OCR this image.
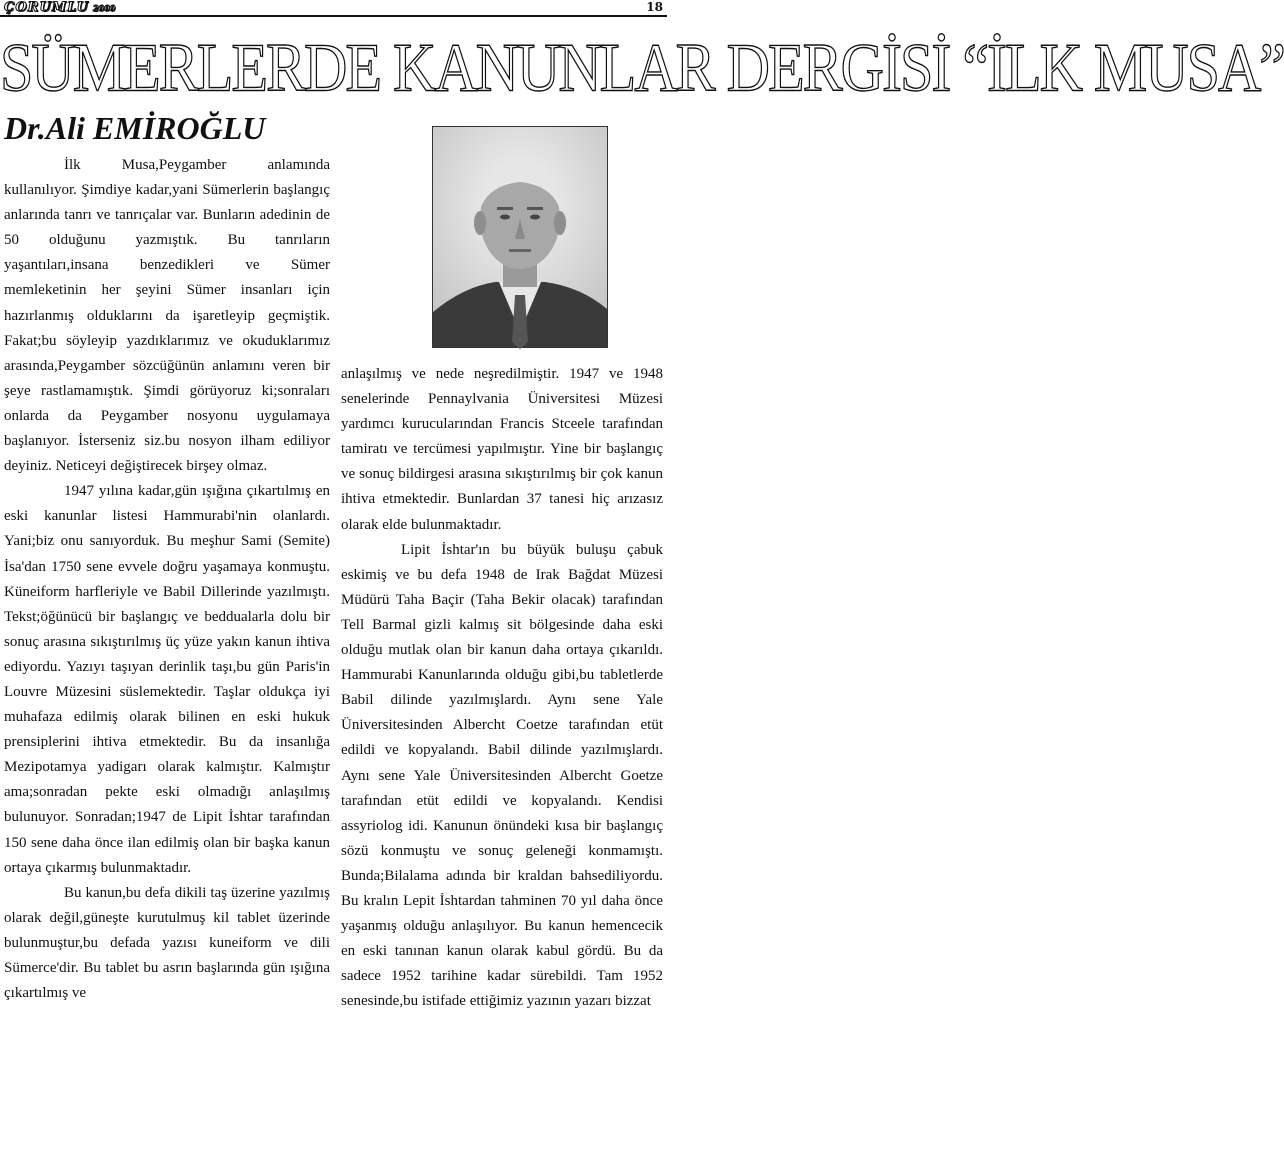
ÇORUMLU 2000	18
SÜMERLERDE KANUNLAR DERGİSİ “İLK MUSA”
Dr.Ali EMİROĞLU

İlk Musa,Peygamber anlamında kullanılıyor. Şimdiye kadar,yani Sümerlerin başlangıç anlarında tanrı ve tanrıçalar var. Bunların adedinin de 50 olduğunu yazmıştık. Bu tanrıların yaşantıları,insana benzedikleri ve Sümer memleketinin her şeyini Sümer insanları için hazırlanmış olduklarını da işaretleyip geçmiştik. Fakat;bu söyleyip yazdıklarımız ve okuduklarımız arasında,Peygamber sözcüğünün anlamını veren bir şeye rastlamamıştık. Şimdi görüyoruz ki;sonraları onlarda da Peygamber nosyonu uygulamaya başlanıyor. İsterseniz siz.bu nosyon ilham ediliyor deyiniz. Neticeyi değiştirecek birşey olmaz.

1947 yılına kadar,gün ışığına çıkartılmış en eski kanunlar listesi Hammurabi'nin olanlardı. Yani;biz onu sanıyorduk. Bu meşhur Sami (Semite) İsa'dan 1750 sene evvele doğru yaşamaya konmuştu. Küneiform harfleriyle ve Babil Dillerinde yazılmıştı. Tekst;öğünücü bir başlangıç ve beddualarla dolu bir sonuç arasına sıkıştırılmış üç yüze yakın kanun ihtiva ediyordu. Yazıyı taşıyan derinlik taşı,bu gün Paris'in Louvre Müzesini süslemektedir. Taşlar oldukça iyi muhafaza edilmiş olarak bilinen en eski hukuk prensiplerini ihtiva etmektedir. Bu da insanlığa Mezipotamya yadigarı olarak kalmıştır. Kalmıştır ama;sonradan pekte eski olmadığı anlaşılmış bulunuyor. Sonradan;1947 de Lipit İshtar tarafından 150 sene daha önce ilan edilmiş olan bir başka kanun ortaya çıkarmış bulunmaktadır.

Bu kanun,bu defa dikili taş üzerine yazılmış olarak değil,güneşte kurutulmuş kil tablet üzerinde bulunmuştur,bu defada yazısı kuneiform ve dili Sümerce'dir. Bu tablet bu asrın başlarında gün ışığına çıkartılmış ve

anlaşılmış ve nede neşredilmiştir. 1947 ve 1948 senelerinde Pennaylvania Üniversitesi Müzesi yardımcı kurucularından Francis Stceele tarafından tamiratı ve tercümesi yapılmıştır. Yine bir başlangıç ve sonuç bildirgesi arasına sıkıştırılmış bir çok kanun ihtiva etmektedir. Bunlardan 37 tanesi hiç arızasız olarak elde bulunmaktadır.

Lipit İshtar'ın bu büyük buluşu çabuk eskimiş ve bu defa 1948 de Irak Bağdat Müzesi Müdürü Taha Baçir (Taha Bekir olacak) tarafından Tell Barmal gizli kalmış sit bölgesinde daha eski olduğu mutlak olan bir kanun daha ortaya çıkarıldı. Hammurabi Kanunlarında olduğu gibi,bu tabletlerde Babil dilinde yazılmışlardı. Aynı sene Yale Üniversitesinden Albercht Coetze tarafından etüt edildi ve kopyalandı. Babil dilinde yazılmışlardı. Aynı sene Yale Üniversitesinden Albercht Goetze tarafından etüt edildi ve kopyalandı. Kendisi assyriolog idi. Kanunun önündeki kısa bir başlangıç sözü konmuştu ve sonuç geleneği konmamıştı. Bunda;Bilalama adında bir kraldan bahsediliyordu. Bu kralın Lepit İshtardan tahminen 70 yıl daha önce yaşanmış olduğu anlaşılıyor. Bu kanun hemencecik en eski tanınan kanun olarak kabul gördü. Bu da sadece 1952 tarihine kadar sürebildi. Tam 1952 senesinde,bu istifade ettiğimiz yazının yazarı bizzat
